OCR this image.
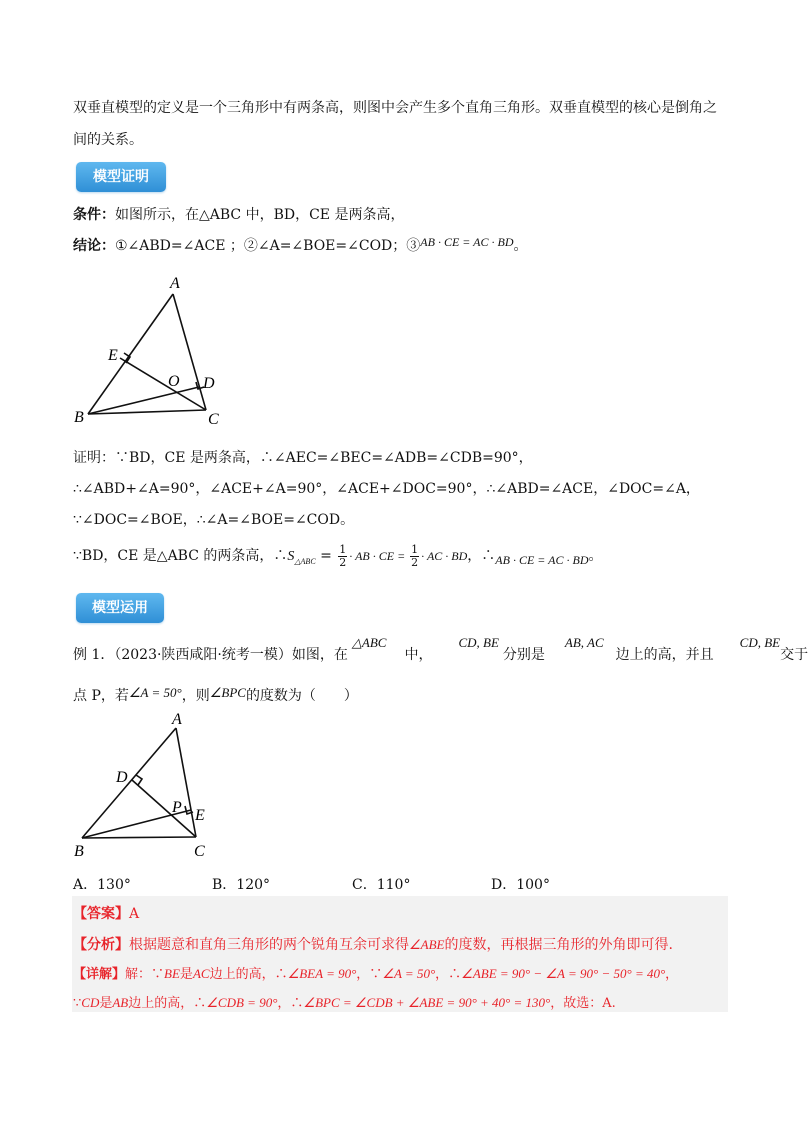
双垂直模型的定义是一个三角形中有两条高，则图中会产生多个直角三角形。双垂直模型的核心是倒角之
间的关系。
模型证明
条件：如图所示，在△ABC 中，BD，CE 是两条高，
结论：①∠ABD=∠ACE ；②∠A=∠BOE=∠COD；③AB · CE = AC · BD。
A
E
O D
B	C
证明：∵BD，CE 是两条高，∴∠AEC=∠BEC=∠ADB=∠CDB=90°，
∴∠ABD+∠A=90°，∠ACE+∠A=90°，∠ACE+∠DOC=90°，∴∠ABD=∠ACE，∠DOC=∠A，
∵∠DOC=∠BOE，∴∠A=∠BOE=∠COD。
∵BD，CE 是△ABC 的两条高，$\therefore S_{\triangle ABC} = \frac{1}{2}$ · AB · CE = $\frac{1}{2}$ · AC · BD，∴AB · CE = AC · BD。
模型运用
例 1．（2023·陕西咸阳·统考一模）如图，在△ABC中，CD, BE分别是AB, AC边上的高，并且CD, BE交于
点 P，若∠A = 50°，则∠BPC的度数为（　　）
A
D
P E
B	C
A．130°	B．120°	C．110°	D．100°
【答案】A
【分析】根据题意和直角三角形的两个锐角互余可求得∠ABE的度数，再根据三角形的外角即可得.
【详解】解：∵BE是AC边上的高，∴∠BEA = 90°，∵∠A = 50°，∴∠ABE = 90° − ∠A = 90° − 50° = 40°，
∵CD是AB边上的高，∴∠CDB = 90°，∴∠BPC = ∠CDB + ∠ABE = 90° + 40° = 130°，故选：A.
